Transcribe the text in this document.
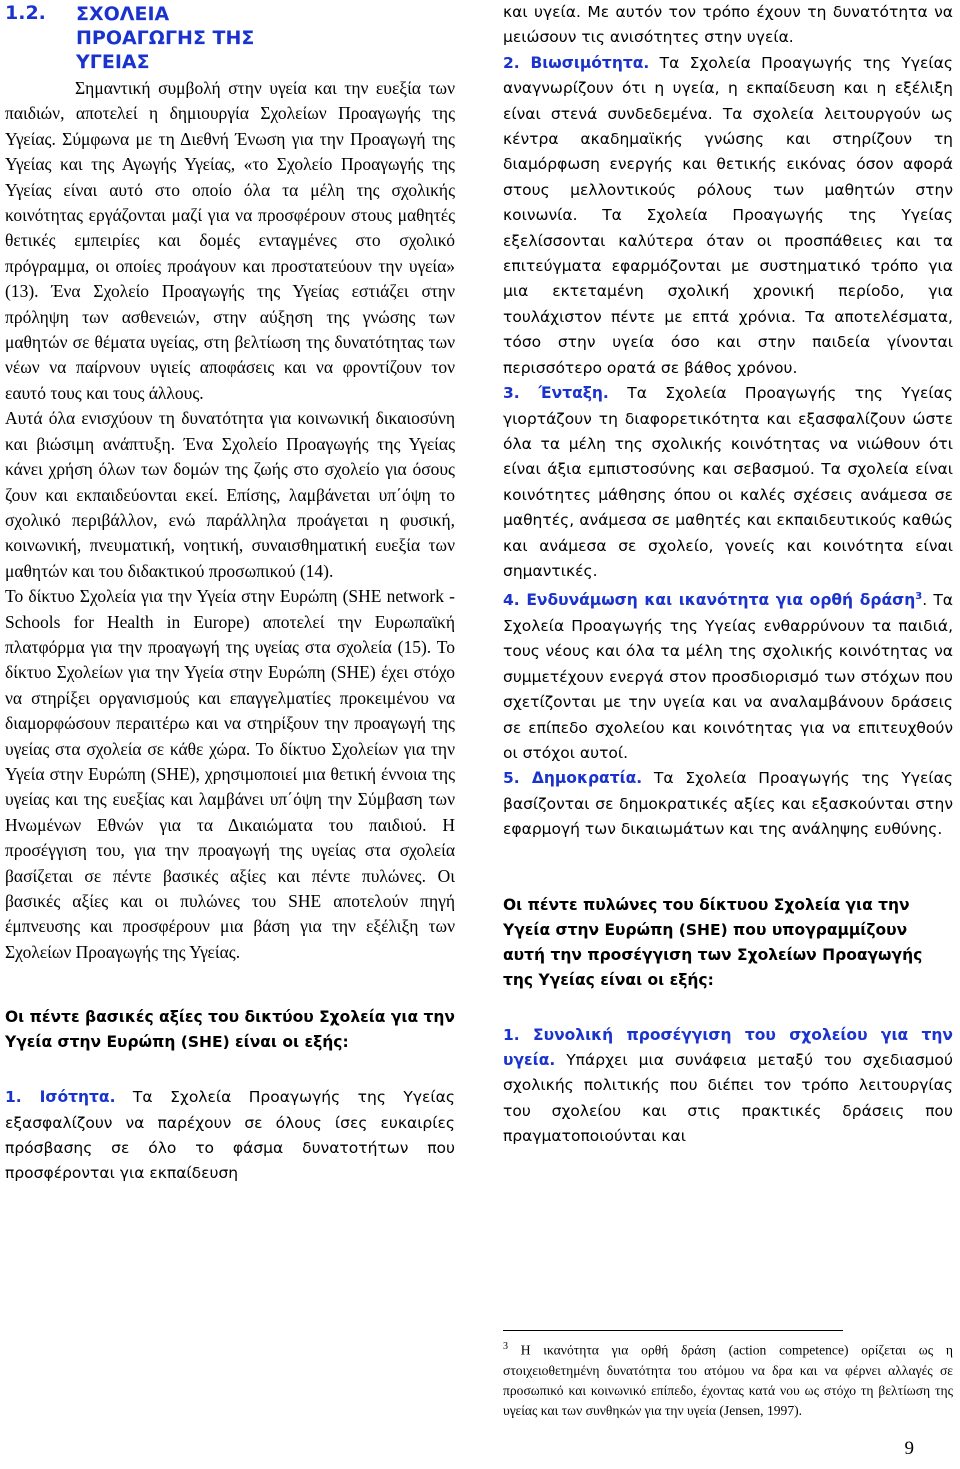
1.2. ΣΧΟΛΕΙΑ ΠΡΟΑΓΩΓΗΣ ΤΗΣ ΥΓΕΙΑΣ

Σημαντική συμβολή στην υγεία και την ευεξία των παιδιών, αποτελεί η δημιουργία Σχολείων Προαγωγής της Υγείας. Σύμφωνα με τη Διεθνή Ένωση για την Προαγωγή της Υγείας και της Αγωγής Υγείας, «το Σχολείο Προαγωγής της Υγείας είναι αυτό στο οποίο όλα τα μέλη της σχολικής κοινότητας εργάζονται μαζί για να προσφέρουν στους μαθητές θετικές εμπειρίες και δομές ενταγμένες στο σχολικό πρόγραμμα, οι οποίες προάγουν και προστατεύουν την υγεία» (13). Ένα Σχολείο Προαγωγής της Υγείας εστιάζει στην πρόληψη των ασθενειών, στην αύξηση της γνώσης των μαθητών σε θέματα υγείας, στη βελτίωση της δυνατότητας των νέων να παίρνουν υγιείς αποφάσεις και να φροντίζουν τον εαυτό τους και τους άλλους.

Αυτά όλα ενισχύουν τη δυνατότητα για κοινωνική δικαιοσύνη και βιώσιμη ανάπτυξη. Ένα Σχολείο Προαγωγής της Υγείας κάνει χρήση όλων των δομών της ζωής στο σχολείο για όσους ζουν και εκπαιδεύονται εκεί. Επίσης, λαμβάνεται υπ΄όψη το σχολικό περιβάλλον, ενώ παράλληλα προάγεται η φυσική, κοινωνική, πνευματική, νοητική, συναισθηματική ευεξία των μαθητών και του διδακτικού προσωπικού (14).

Το δίκτυο Σχολεία για την Υγεία στην Ευρώπη (SHE network - Schools for Health in Europe) αποτελεί την Ευρωπαϊκή πλατφόρμα για την προαγωγή της υγείας στα σχολεία (15). Το δίκτυο Σχολείων για την Υγεία στην Ευρώπη (SHE) έχει στόχο να στηρίξει οργανισμούς και επαγγελματίες προκειμένου να διαμορφώσουν περαιτέρω και να στηρίξουν την προαγωγή της υγείας στα σχολεία σε κάθε χώρα. Το δίκτυο Σχολείων για την Υγεία στην Ευρώπη (SHE), χρησιμοποιεί μια θετική έννοια της υγείας και της ευεξίας και λαμβάνει υπ΄όψη την Σύμβαση των Ηνωμένων Εθνών για τα Δικαιώματα του παιδιού. Η προσέγγιση του, για την προαγωγή της υγείας στα σχολεία βασίζεται σε πέντε βασικές αξίες και πέντε πυλώνες. Οι βασικές αξίες και οι πυλώνες του SHE αποτελούν πηγή έμπνευσης και προσφέρουν μια βάση για την εξέλιξη των Σχολείων Προαγωγής της Υγείας.

Οι πέντε βασικές αξίες του δικτύου Σχολεία για την Υγεία στην Ευρώπη (SHE) είναι οι εξής:

1. Ισότητα. Τα Σχολεία Προαγωγής της Υγείας εξασφαλίζουν να παρέχουν σε όλους ίσες ευκαιρίες πρόσβασης σε όλο το φάσμα δυνατοτήτων που προσφέρονται για εκπαίδευση

και υγεία. Με αυτόν τον τρόπο έχουν τη δυνατότητα να μειώσουν τις ανισότητες στην υγεία.

2. Βιωσιμότητα. Τα Σχολεία Προαγωγής της Υγείας αναγνωρίζουν ότι η υγεία, η εκπαίδευση και η εξέλιξη είναι στενά συνδεδεμένα. Τα σχολεία λειτουργούν ως κέντρα ακαδημαϊκής γνώσης και στηρίζουν τη διαμόρφωση ενεργής και θετικής εικόνας όσον αφορά στους μελλοντικούς ρόλους των μαθητών στην κοινωνία. Τα Σχολεία Προαγωγής της Υγείας εξελίσσονται καλύτερα όταν οι προσπάθειες και τα επιτεύγματα εφαρμόζονται με συστηματικό τρόπο για μια εκτεταμένη σχολική χρονική περίοδο, για τουλάχιστον πέντε με επτά χρόνια. Τα αποτελέσματα, τόσο στην υγεία όσο και στην παιδεία γίνονται περισσότερο ορατά σε βάθος χρόνου.

3. Ένταξη. Τα Σχολεία Προαγωγής της Υγείας γιορτάζουν τη διαφορετικότητα και εξασφαλίζουν ώστε όλα τα μέλη της σχολικής κοινότητας να νιώθουν ότι είναι άξια εμπιστοσύνης και σεβασμού. Τα σχολεία είναι κοινότητες μάθησης όπου οι καλές σχέσεις ανάμεσα σε μαθητές, ανάμεσα σε μαθητές και εκπαιδευτικούς καθώς και ανάμεσα σε σχολείο, γονείς και κοινότητα είναι σημαντικές.

4. Ενδυνάμωση και ικανότητα για ορθή δράση$^3$. Τα Σχολεία Προαγωγής της Υγείας ενθαρρύνουν τα παιδιά, τους νέους και όλα τα μέλη της σχολικής κοινότητας να συμμετέχουν ενεργά στον προσδιορισμό των στόχων που σχετίζονται με την υγεία και να αναλαμβάνουν δράσεις σε επίπεδο σχολείου και κοινότητας για να επιτευχθούν οι στόχοι αυτοί.

5. Δημοκρατία. Τα Σχολεία Προαγωγής της Υγείας βασίζονται σε δημοκρατικές αξίες και εξασκούνται στην εφαρμογή των δικαιωμάτων και της ανάληψης ευθύνης.

Οι πέντε πυλώνες του δίκτυου Σχολεία για την Υγεία στην Ευρώπη (SHE) που υπογραμμίζουν αυτή την προσέγγιση των Σχολείων Προαγωγής της Υγείας είναι οι εξής:

1. Συνολική προσέγγιση του σχολείου για την υγεία. Υπάρχει μια συνάφεια μεταξύ του σχεδιασμού σχολικής πολιτικής που διέπει τον τρόπο λειτουργίας του σχολείου και στις πρακτικές δράσεις που πραγματοποιούνται και

$^3$ Η ικανότητα για ορθή δράση (action competence) ορίζεται ως η στοιχειοθετημένη δυνατότητα του ατόμου να δρα και να φέρνει αλλαγές σε προσωπικό και κοινωνικό επίπεδο, έχοντας κατά νου ως στόχο τη βελτίωση της υγείας και των συνθηκών για την υγεία (Jensen, 1997).

9
